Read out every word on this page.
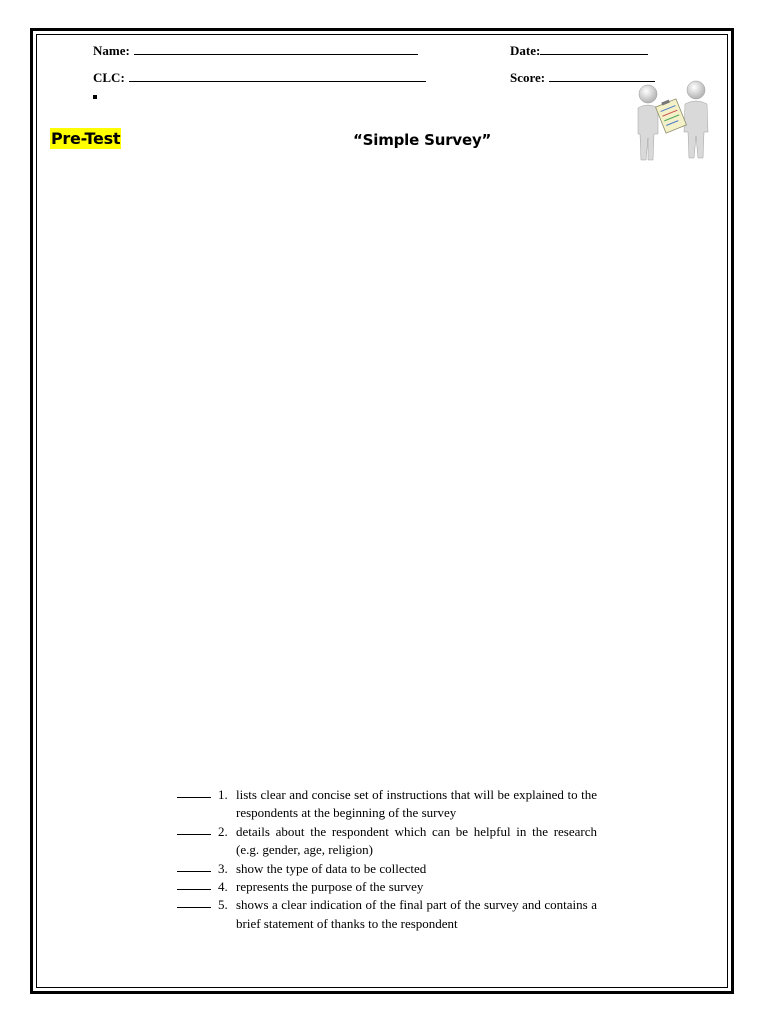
Name:	Date:
CLC:	Score:
Pre-Test	“Simple Survey”
1. lists clear and concise set of instructions that will be explained to the respondents at the beginning of the survey
2. details about the respondent which can be helpful in the research (e.g. gender, age, religion)
3. show the type of data to be collected
4. represents the purpose of the survey
5. shows a clear indication of the final part of the survey and contains a brief statement of thanks to the respondent
